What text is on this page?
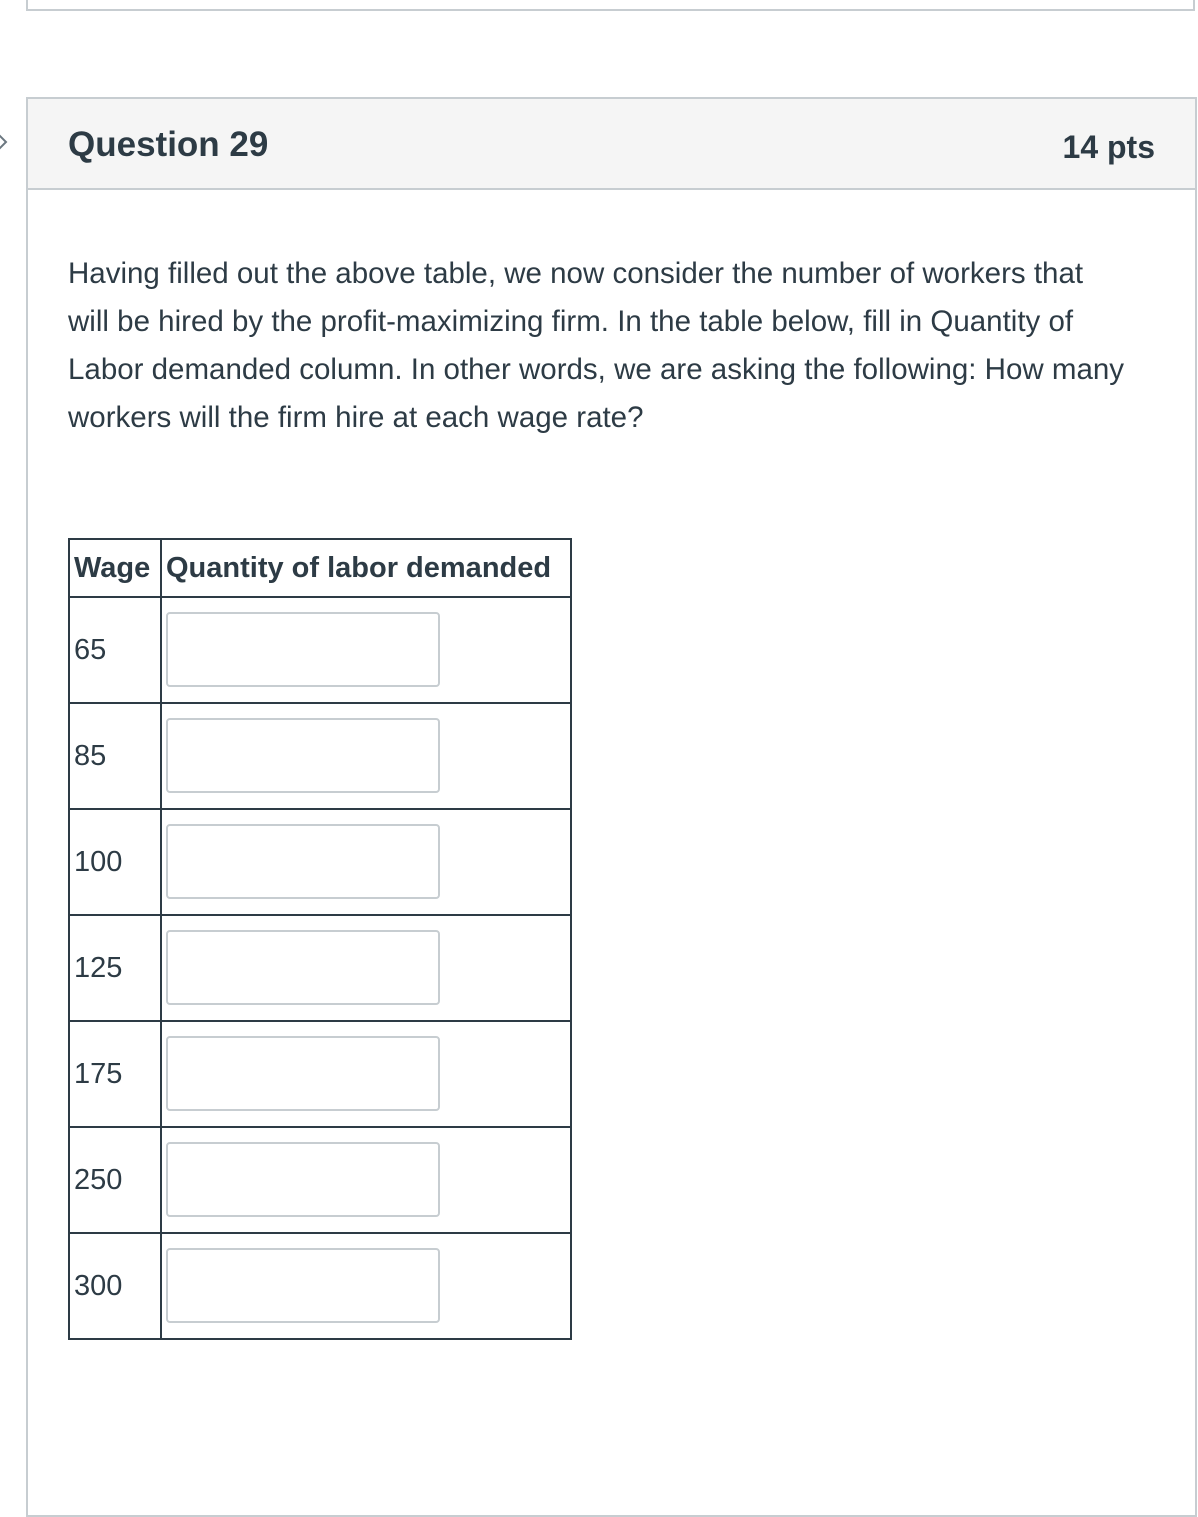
Question 29	14 pts

Having filled out the above table, we now consider the number of workers that will be hired by the profit-maximizing firm. In the table below, fill in Quantity of Labor demanded column. In other words, we are asking the following: How many workers will the firm hire at each wage rate?

Wage	Quantity of labor demanded
65	

85	

100	

125	

175	

250	

300	
